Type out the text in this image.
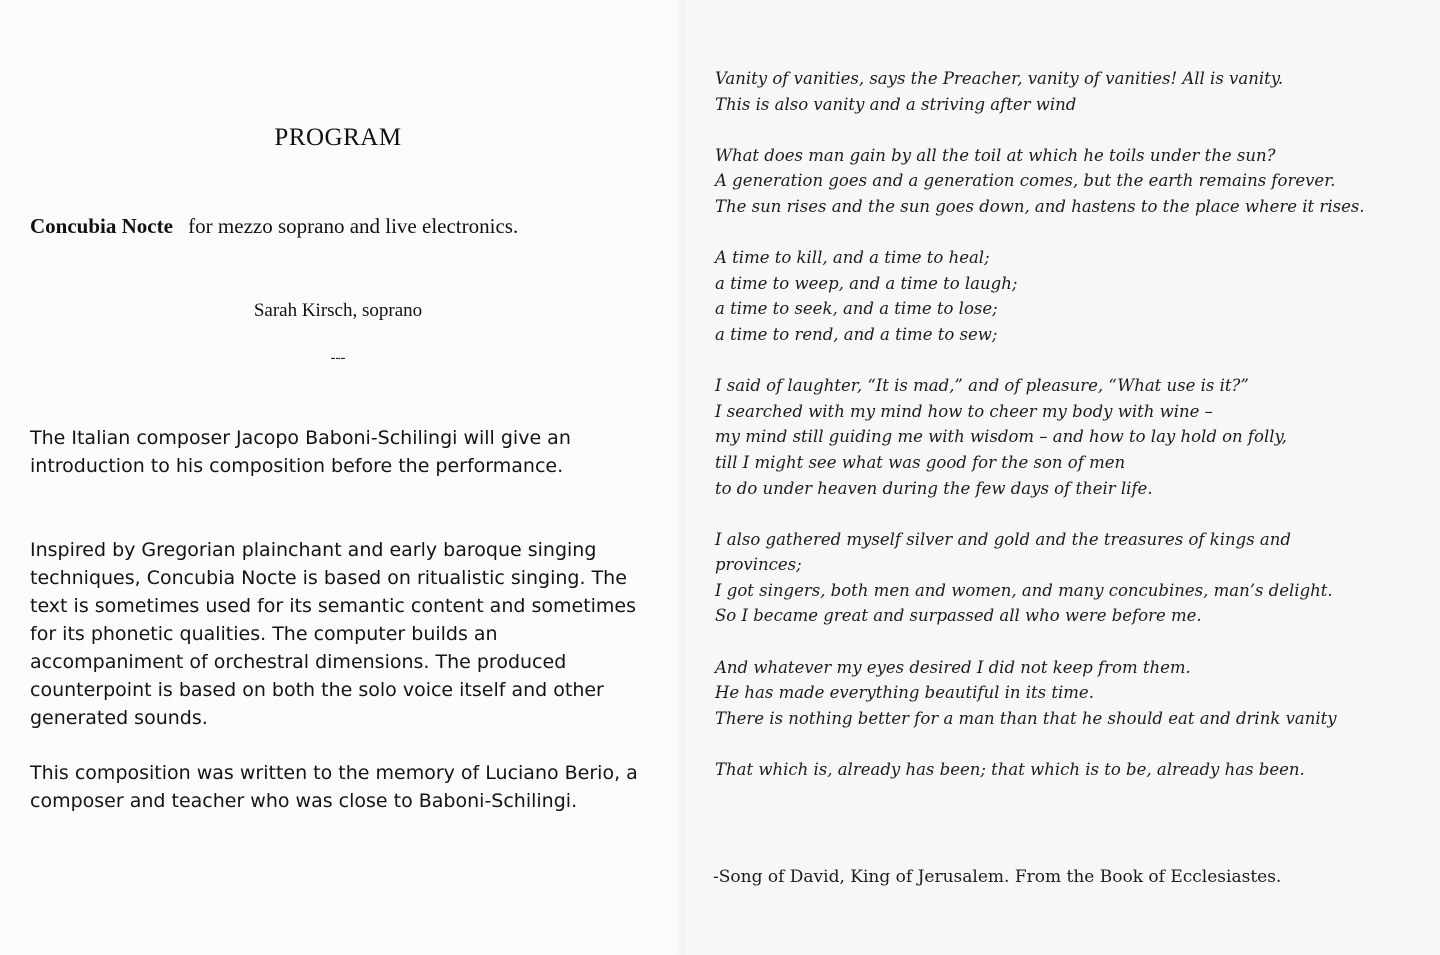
PROGRAM
Concubia Nocte for mezzo soprano and live electronics.
Sarah Kirsch, soprano
---

The Italian composer Jacopo Baboni-Schilingi will give an introduction to his composition before the performance.

Inspired by Gregorian plainchant and early baroque singing techniques, Concubia Nocte is based on ritualistic singing. The text is sometimes used for its semantic content and sometimes for its phonetic qualities. The computer builds an accompaniment of orchestral dimensions. The produced counterpoint is based on both the solo voice itself and other generated sounds.

This composition was written to the memory of Luciano Berio, a composer and teacher who was close to Baboni-Schilingi.

Vanity of vanities, says the Preacher, vanity of vanities! All is vanity.
This is also vanity and a striving after wind
What does man gain by all the toil at which he toils under the sun?
A generation goes and a generation comes, but the earth remains forever.
The sun rises and the sun goes down, and hastens to the place where it rises.
A time to kill, and a time to heal;
a time to weep, and a time to laugh;
a time to seek, and a time to lose;
a time to rend, and a time to sew;
I said of laughter, “It is mad,” and of pleasure, “What use is it?”
I searched with my mind how to cheer my body with wine –
my mind still guiding me with wisdom – and how to lay hold on folly,
till I might see what was good for the son of men
to do under heaven during the few days of their life.
I also gathered myself silver and gold and the treasures of kings and provinces;
I got singers, both men and women, and many concubines, man’s delight.
So I became great and surpassed all who were before me.
And whatever my eyes desired I did not keep from them.
He has made everything beautiful in its time.
There is nothing better for a man than that he should eat and drink vanity
That which is, already has been; that which is to be, already has been.
-Song of David, King of Jerusalem. From the Book of Ecclesiastes.
